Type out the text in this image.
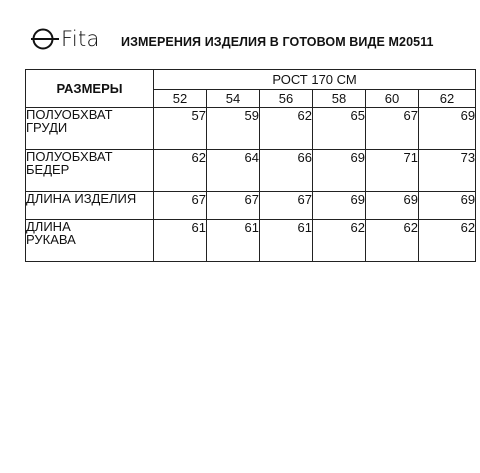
Fita ИЗМЕРЕНИЯ ИЗДЕЛИЯ В ГОТОВОМ ВИДЕ М20511
РАЗМЕРЫ	РОСТ 170 СМ					
	52	54	56	58	60	62

ПОЛУОБХВАТ
ГРУДИ	57	59	62	65	67	69

ПОЛУОБХВАТ
БЕДЕР	62	64	66	69	71	73

ДЛИНА ИЗДЕЛИЯ	67	67	67	69	69	69

ДЛИНА
РУКАВА	61	61	61	62	62	62
